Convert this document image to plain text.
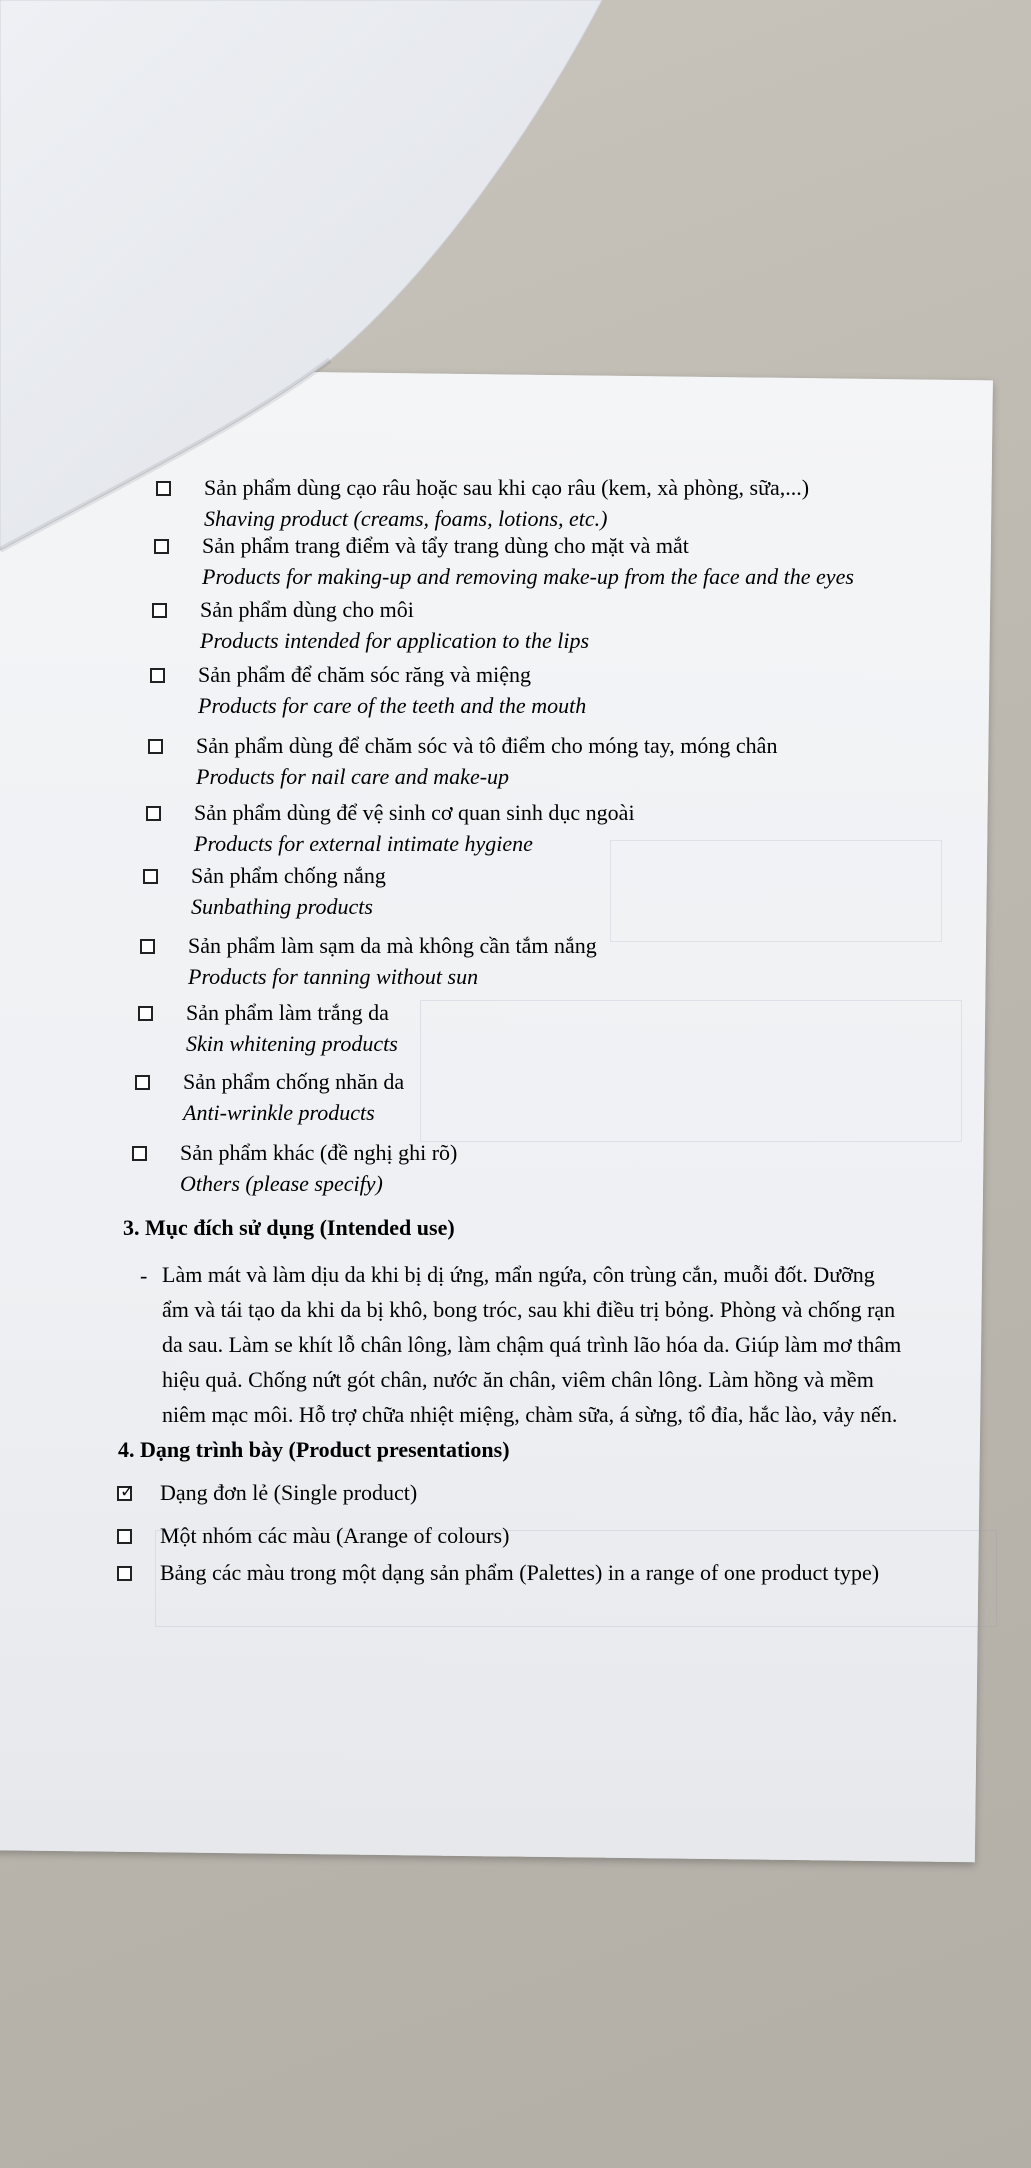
Sản phẩm dùng cạo râu hoặc sau khi cạo râu (kem, xà phòng, sữa,...)
Shaving product (creams, foams, lotions, etc.)
Sản phẩm trang điểm và tẩy trang dùng cho mặt và mắt
Products for making-up and removing make-up from the face and the eyes
Sản phẩm dùng cho môi
Products intended for application to the lips
Sản phẩm để chăm sóc răng và miệng
Products for care of the teeth and the mouth
Sản phẩm dùng để chăm sóc và tô điểm cho móng tay, móng chân
Products for nail care and make-up
Sản phẩm dùng để vệ sinh cơ quan sinh dục ngoài
Products for external intimate hygiene
Sản phẩm chống nắng
Sunbathing products
Sản phẩm làm sạm da mà không cần tắm nắng
Products for tanning without sun
Sản phẩm làm trắng da
Skin whitening products
Sản phẩm chống nhăn da
Anti-wrinkle products
Sản phẩm khác (đề nghị ghi rõ)
Others (please specify)
3. Mục đích sử dụng (Intended use)
- Làm mát và làm dịu da khi bị dị ứng, mẩn ngứa, côn trùng cắn, muỗi đốt. Dưỡng
ẩm và tái tạo da khi da bị khô, bong tróc, sau khi điều trị bỏng. Phòng và chống rạn
da sau. Làm se khít lỗ chân lông, làm chậm quá trình lão hóa da. Giúp làm mơ thâm
hiệu quả. Chống nứt gót chân, nước ăn chân, viêm chân lông. Làm hồng và mềm
niêm mạc môi. Hỗ trợ chữa nhiệt miệng, chàm sữa, á sừng, tổ đỉa, hắc lào, vảy nến.
4. Dạng trình bày (Product presentations)
✓
Dạng đơn lẻ (Single product)
Một nhóm các màu (Arange of colours)
Bảng các màu trong một dạng sản phẩm (Palettes) in a range of one product type)
